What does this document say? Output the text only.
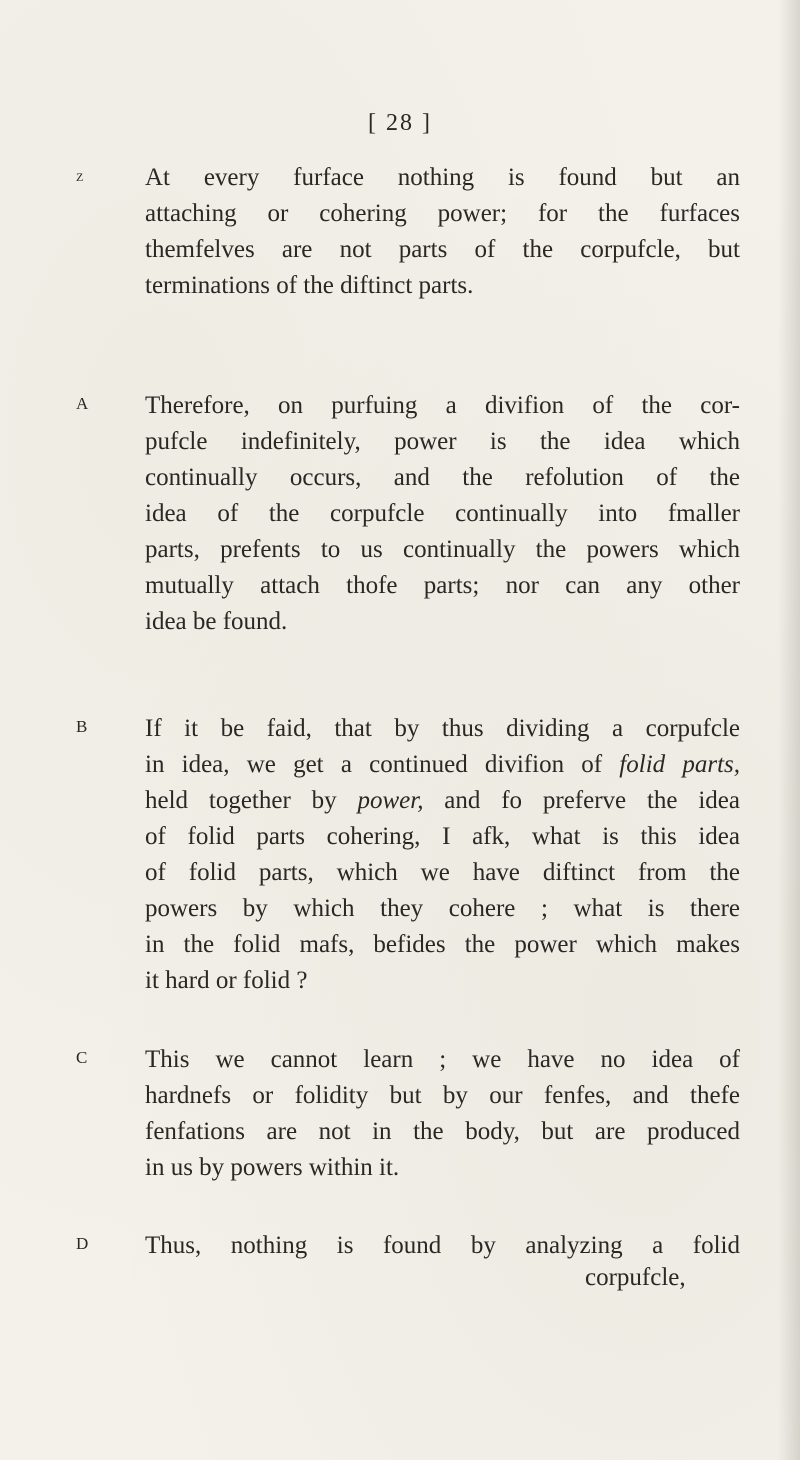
[ 28 ]
z At every furface nothing is found but an
attaching or cohering power; for the furfaces
themfelves are not parts of the corpufcle, but
terminations of the diftinct parts.
A Therefore, on purfuing a divifion of the cor-
pufcle indefinitely, power is the idea which
continually occurs, and the refolution of the
idea of the corpufcle continually into fmaller
parts, prefents to us continually the powers which
mutually attach thofe parts; nor can any other
idea be found.
B If it be faid, that by thus dividing a corpufcle
in idea, we get a continued divifion of folid parts,
held together by power, and fo preferve the idea
of folid parts cohering, I afk, what is this idea
of folid parts, which we have diftinct from the
powers by which they cohere ; what is there
in the folid mafs, befides the power which makes
it hard or folid ?
C This we cannot learn ; we have no idea of
hardnefs or folidity but by our fenfes, and thefe
fenfations are not in the body, but are produced
in us by powers within it.
D Thus, nothing is found by analyzing a folid
corpufcle,
